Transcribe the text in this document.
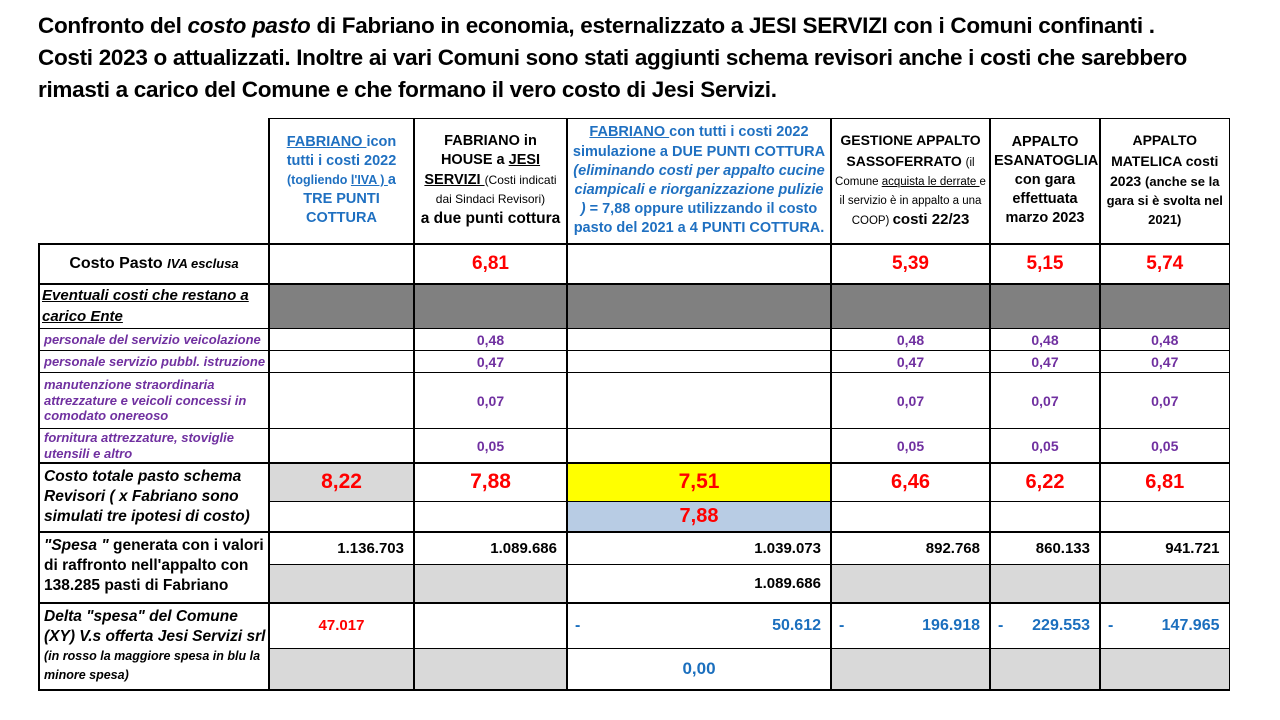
Confronto del costo pasto di Fabriano in economia, esternalizzato a JESI SERVIZI con i Comuni confinanti .
Costi 2023 o attualizzati. Inoltre ai vari Comuni sono stati aggiunti schema revisori anche i costi che sarebbero
rimasti a carico del Comune e che formano il vero costo di Jesi Servizi.
	FABRIANO icon tutti i costi 2022 (togliendo l'IVA ) a TRE PUNTI COTTURA	FABRIANO in HOUSE a JESI SERVIZI (Costi indicati dai Sindaci Revisori)
a due punti cottura	FABRIANO con tutti i costi 2022 simulazione a DUE PUNTI COTTURA (eliminando costi per appalto cucine ciampicali e riorganizzazione pulizie ) = 7,88 oppure utilizzando il costo pasto del 2021 a 4 PUNTI COTTURA.	GESTIONE APPALTO SASSOFERRATO (il Comune acquista le derrate e il servizio è in appalto a una COOP) costi 22/23	APPALTO ESANATOGLIA con gara effettuata marzo 2023	APPALTO MATELICA costi 2023 (anche se la gara si è svolta nel 2021)
Costo Pasto IVA esclusa		6,81		5,39	5,15	5,74
Eventuali costi che restano a
carico Ente						
personale del servizio veicolazione		0,48		0,48	0,48	0,48
personale servizio pubbl. istruzione		0,47		0,47	0,47	0,47
manutenzione straordinaria attrezzature e veicoli concessi in comodato onereoso		0,07		0,07	0,07	0,07
fornitura attrezzature, stoviglie utensili e altro		0,05		0,05	0,05	0,05
Costo totale pasto schema Revisori ( x Fabriano sono simulati tre ipotesi di costo)	8,22	7,88	7,51	6,46	6,22	6,81
			7,88			
"Spesa " generata con i valori di raffronto nell'appalto con 138.285 pasti di Fabriano	1.136.703	1.089.686	1.039.073	892.768	860.133	941.721
			1.089.686			
Delta "spesa" del Comune (XY) V.s offerta Jesi Servizi srl (in rosso la maggiore spesa in blu la minore spesa)	47.017		- 50.612	- 196.918	- 229.553	- 147.965

			0,00			
